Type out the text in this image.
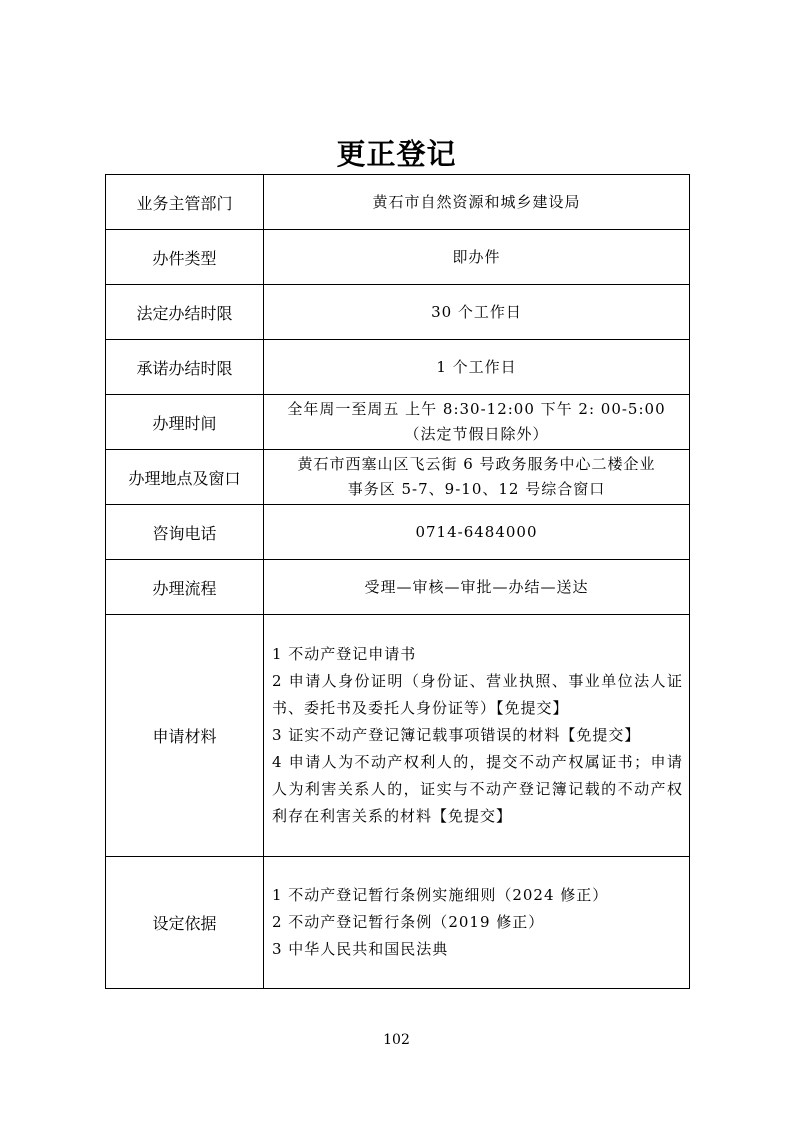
更正登记
业务主管部门	黄石市自然资源和城乡建设局
办件类型	即办件
法定办结时限	30 个工作日
承诺办结时限	1 个工作日
办理时间	全年周一至周五 上午 8:30-12:00 下午 2: 00-5:00
（法定节假日除外）

办理地点及窗口	黄石市西塞山区飞云街 6 号政务服务中心二楼企业
事务区 5-7、9-10、12 号综合窗口

咨询电话	0714-6484000
办理流程	受理—审核—审批—办结—送达
申请材料	1 不动产登记申请书
2 申请人身份证明（身份证、营业执照、事业单位法人证书、委托书及委托人身份证等）【免提交】
3 证实不动产登记簿记载事项错误的材料【免提交】
4 申请人为不动产权利人的，提交不动产权属证书；申请人为利害关系人的，证实与不动产登记簿记载的不动产权利存在利害关系的材料【免提交】

设定依据	1 不动产登记暂行条例实施细则（2024 修正）
2 不动产登记暂行条例（2019 修正）
3 中华人民共和国民法典
102
